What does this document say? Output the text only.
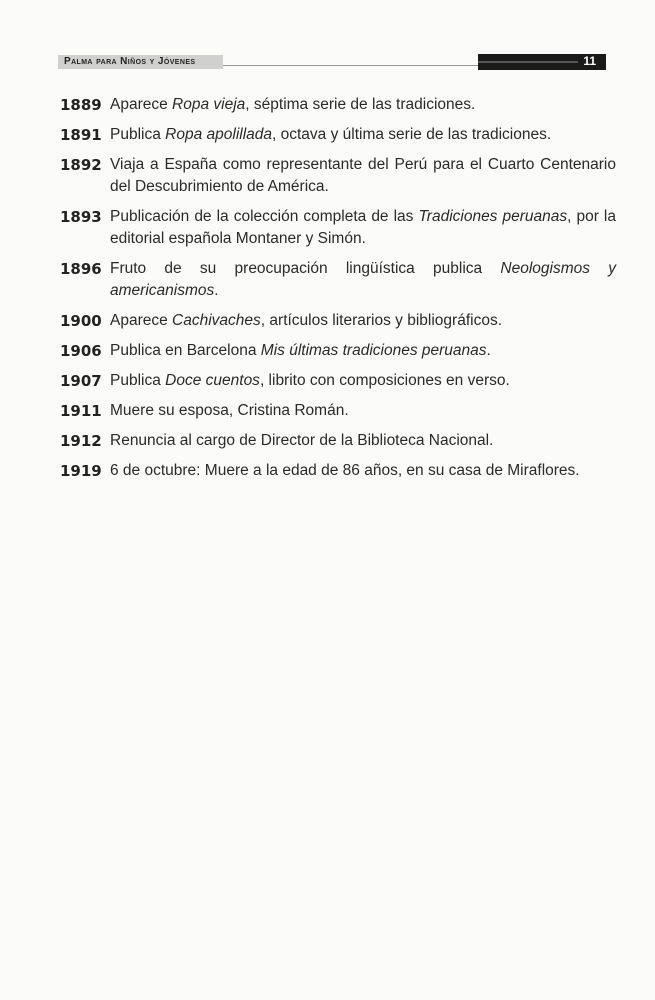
Palma para Niños y Jóvenes	11
1889 Aparece Ropa vieja, séptima serie de las tradiciones.
1891 Publica Ropa apolillada, octava y última serie de las tradiciones.
1892 Viaja a España como representante del Perú para el Cuarto Centenario del Descubrimiento de América.
1893 Publicación de la colección completa de las Tradiciones peruanas, por la editorial española Montaner y Simón.
1896 Fruto de su preocupación lingüística publica Neologismos y americanismos.
1900 Aparece Cachivaches, artículos literarios y bibliográficos.
1906 Publica en Barcelona Mis últimas tradiciones peruanas.
1907 Publica Doce cuentos, librito con composiciones en verso.
1911 Muere su esposa, Cristina Román.
1912 Renuncia al cargo de Director de la Biblioteca Nacional.
1919 6 de octubre: Muere a la edad de 86 años, en su casa de Miraflores.
